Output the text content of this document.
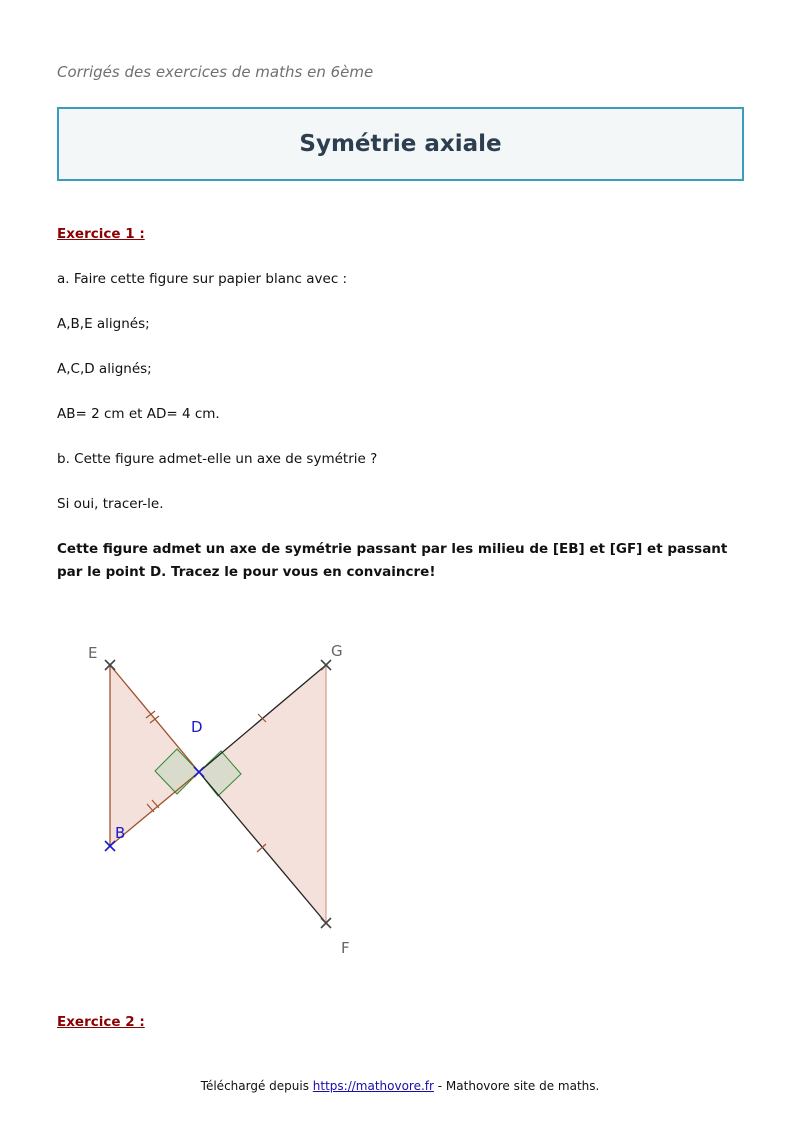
Corrigés des exercices de maths en 6ème
Symétrie axiale
Exercice 1 :
a. Faire cette figure sur papier blanc avec :
A,B,E alignés;
A,C,D alignés;
AB= 2 cm et AD= 4 cm.
b. Cette figure admet-elle un axe de symétrie ?
Si oui, tracer-le.
Cette figure admet un axe de symétrie passant par les milieu de [EB] et [GF] et passant par le point D. Tracez le pour vous en convaincre!
E	G
D
B
F
Exercice 2 :
Téléchargé depuis https://mathovore.fr - Mathovore site de maths.
